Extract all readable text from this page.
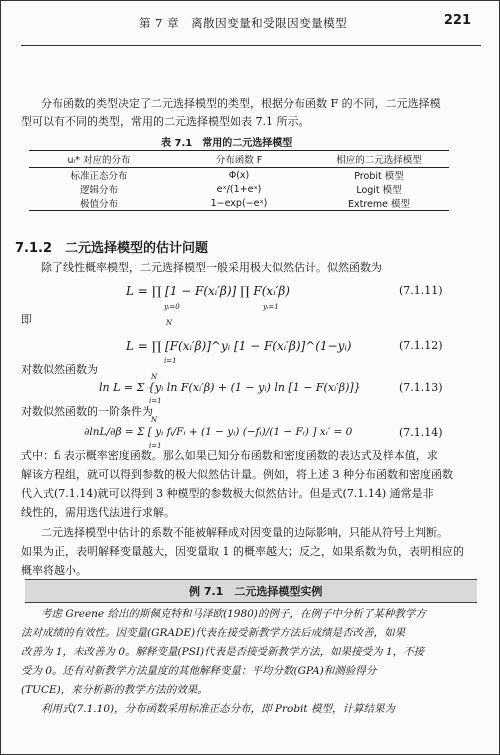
第 7 章　离散因变量和受限因变量模型	221
分布函数的类型决定了二元选择模型的类型，根据分布函数 F 的不同，二元选择模
型可以有不同的类型，常用的二元选择模型如表 7.1 所示。
表 7.1　常用的二元选择模型
uᵢ* 对应的分布	分布函数 F	相应的二元选择模型
标准正态分布	Φ(x)	Probit 模型
逻辑分布	eˣ/(1+eˣ)	Logit 模型
极值分布	1−exp(−eˣ)	Extreme 模型
7.1.2　二元选择模型的估计问题
除了线性概率模型，二元选择模型一般采用极大似然估计。似然函数为
L = ∏ [1 − F(xᵢ′β)] ∏ F(xᵢ′β)
yᵢ=0	yᵢ=1
(7.1.11)
即	N
L = ∏ [F(xᵢ′β)]^yᵢ [1 − F(xᵢ′β)]^(1−yᵢ)
i=1
(7.1.12)
对数似然函数为
N
ln L = Σ {yᵢ ln F(xᵢ′β) + (1 − yᵢ) ln [1 − F(xᵢ′β)]}
i=1
(7.1.13)
对数似然函数的一阶条件为
N
∂lnL/∂β = Σ [ yᵢ fᵢ/Fᵢ + (1 − yᵢ) (−fᵢ)/(1 − Fᵢ) ] xᵢ′ = 0
i=1
(7.1.14)
式中：fᵢ 表示概率密度函数。那么如果已知分布函数和密度函数的表达式及样本值，求
解该方程组，就可以得到参数的极大似然估计量。例如，将上述 3 种分布函数和密度函数
代入式(7.1.14)就可以得到 3 种模型的参数极大似然估计。但是式(7.1.14) 通常是非
线性的，需用迭代法进行求解。
二元选择模型中估计的系数不能被解释成对因变量的边际影响，只能从符号上判断。
如果为正，表明解释变量越大，因变量取 1 的概率越大；反之，如果系数为负，表明相应的
概率将越小。
例 7.1　二元选择模型实例
考虑 Greene 给出的斯佩克特和马泽欧(1980)的例子，在例子中分析了某种教学方
法对成绩的有效性。因变量(GRADE)代表在接受新教学方法后成绩是否改善，如果
改善为 1，未改善为 0。解释变量(PSI)代表是否接受新教学方法，如果接受为 1，不接
受为 0。还有对新教学方法量度的其他解释变量：平均分数(GPA)和测验得分
(TUCE)，来分析新的教学方法的效果。
利用式(7.1.10)，分布函数采用标准正态分布，即 Probit 模型，计算结果为
